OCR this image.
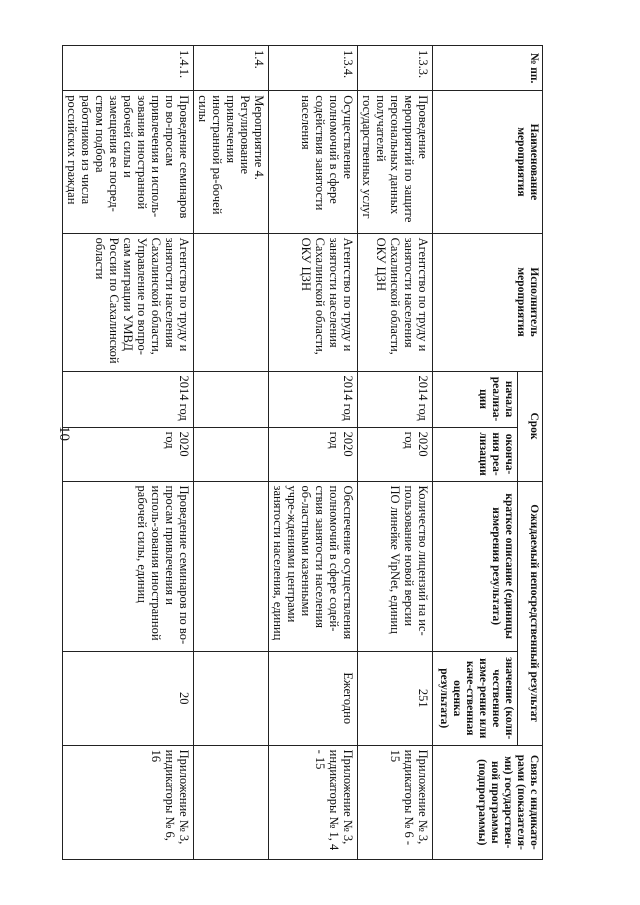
10
№ пп.	Наименование мероприятия	Исполнитель мероприятия	Срок		Ожидаемый непосредственный результат		Связь с индикато-рами (показателя-ми) государствен-ной программы (подпрограммы)
			начала реализа-ции	оконча-ния реа-лизации	краткое описание (единицы измерения результата)	значение (коли-чественное изме-рение или каче-ственная оценка результата)	
1.3.3.	Проведение мероприятий по защите персональных данных получателей государственных услуг	Агентство по труду и занятости населения Сахалинской области, ОКУ ЦЗН	2014 год	2020 год	Количество лицензий на ис-пользование новой версии ПО линейке VipNet, единиц	251	Приложение № 3, индикаторы № 6 - 15
1.3.4.	Осуществление полномочий в сфере содействия занятости населения	Агентство по труду и занятости населения Сахалинской области, ОКУ ЦЗН	2014 год	2020 год	Обеспечение осуществления полномочий в сфере содей-ствия занятости населения об-ластными казенными учре-ждениями центрами занятости населения, единиц	Ежегодно	Приложение № 3, индикаторы № 1, 4 - 15
1.4.	Мероприятие 4. Регулирование привлечения иностранной ра-бочей силы						
1.4.1.	Проведение семинаров по во-просам привлечения и исполь-зования иностранной рабочей силы и замещения ее посред-ством подбора работников из числа российских граждан	Агентство по труду и занятости населения Сахалинской области, Управление по вопро-сам миграции УМВД России по Сахалинской области	2014 год	2020 год	Проведение семинаров по во-просам привлечения и исполь-зования иностранной рабочей силы, единиц	20	Приложение № 3, индикаторы № 6, 16
